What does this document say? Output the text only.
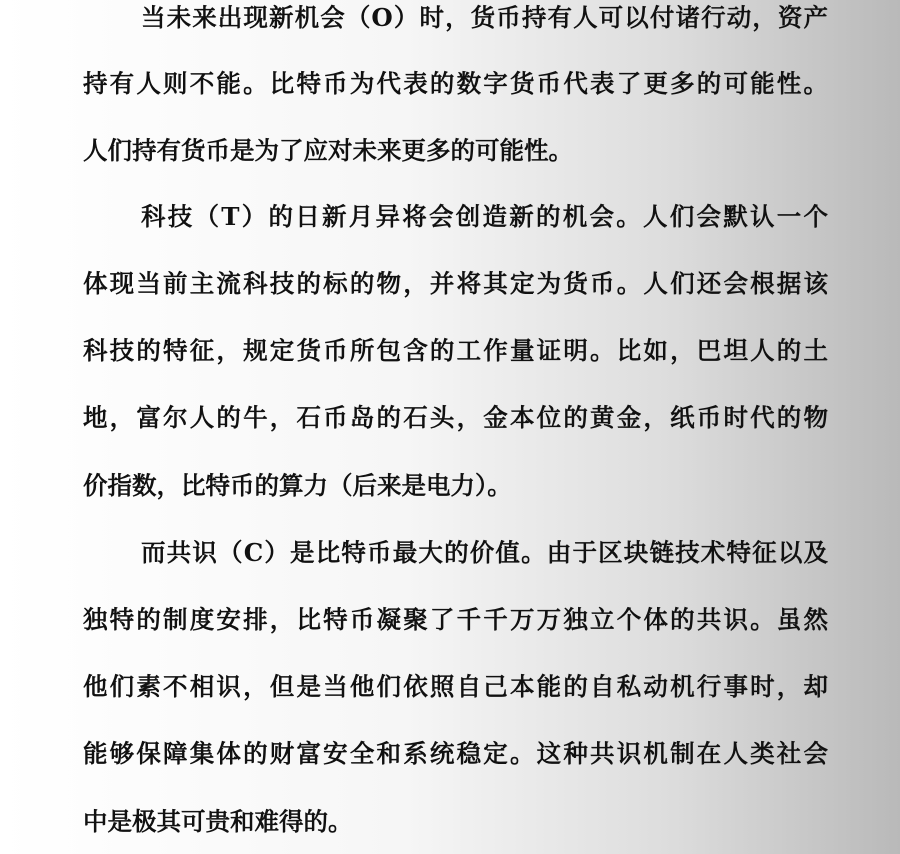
当未来出现新机会（O）时，货币持有人可以付诸行动，资产
持有人则不能。比特币为代表的数字货币代表了更多的可能性。
人们持有货币是为了应对未来更多的可能性。
科技（T）的日新月异将会创造新的机会。人们会默认一个
体现当前主流科技的标的物，并将其定为货币。人们还会根据该
科技的特征，规定货币所包含的工作量证明。比如，巴坦人的土
地，富尔人的牛，石币岛的石头，金本位的黄金，纸币时代的物
价指数，比特币的算力（后来是电力）。
而共识（C）是比特币最大的价值。由于区块链技术特征以及
独特的制度安排，比特币凝聚了千千万万独立个体的共识。虽然
他们素不相识，但是当他们依照自己本能的自私动机行事时，却
能够保障集体的财富安全和系统稳定。这种共识机制在人类社会
中是极其可贵和难得的。
